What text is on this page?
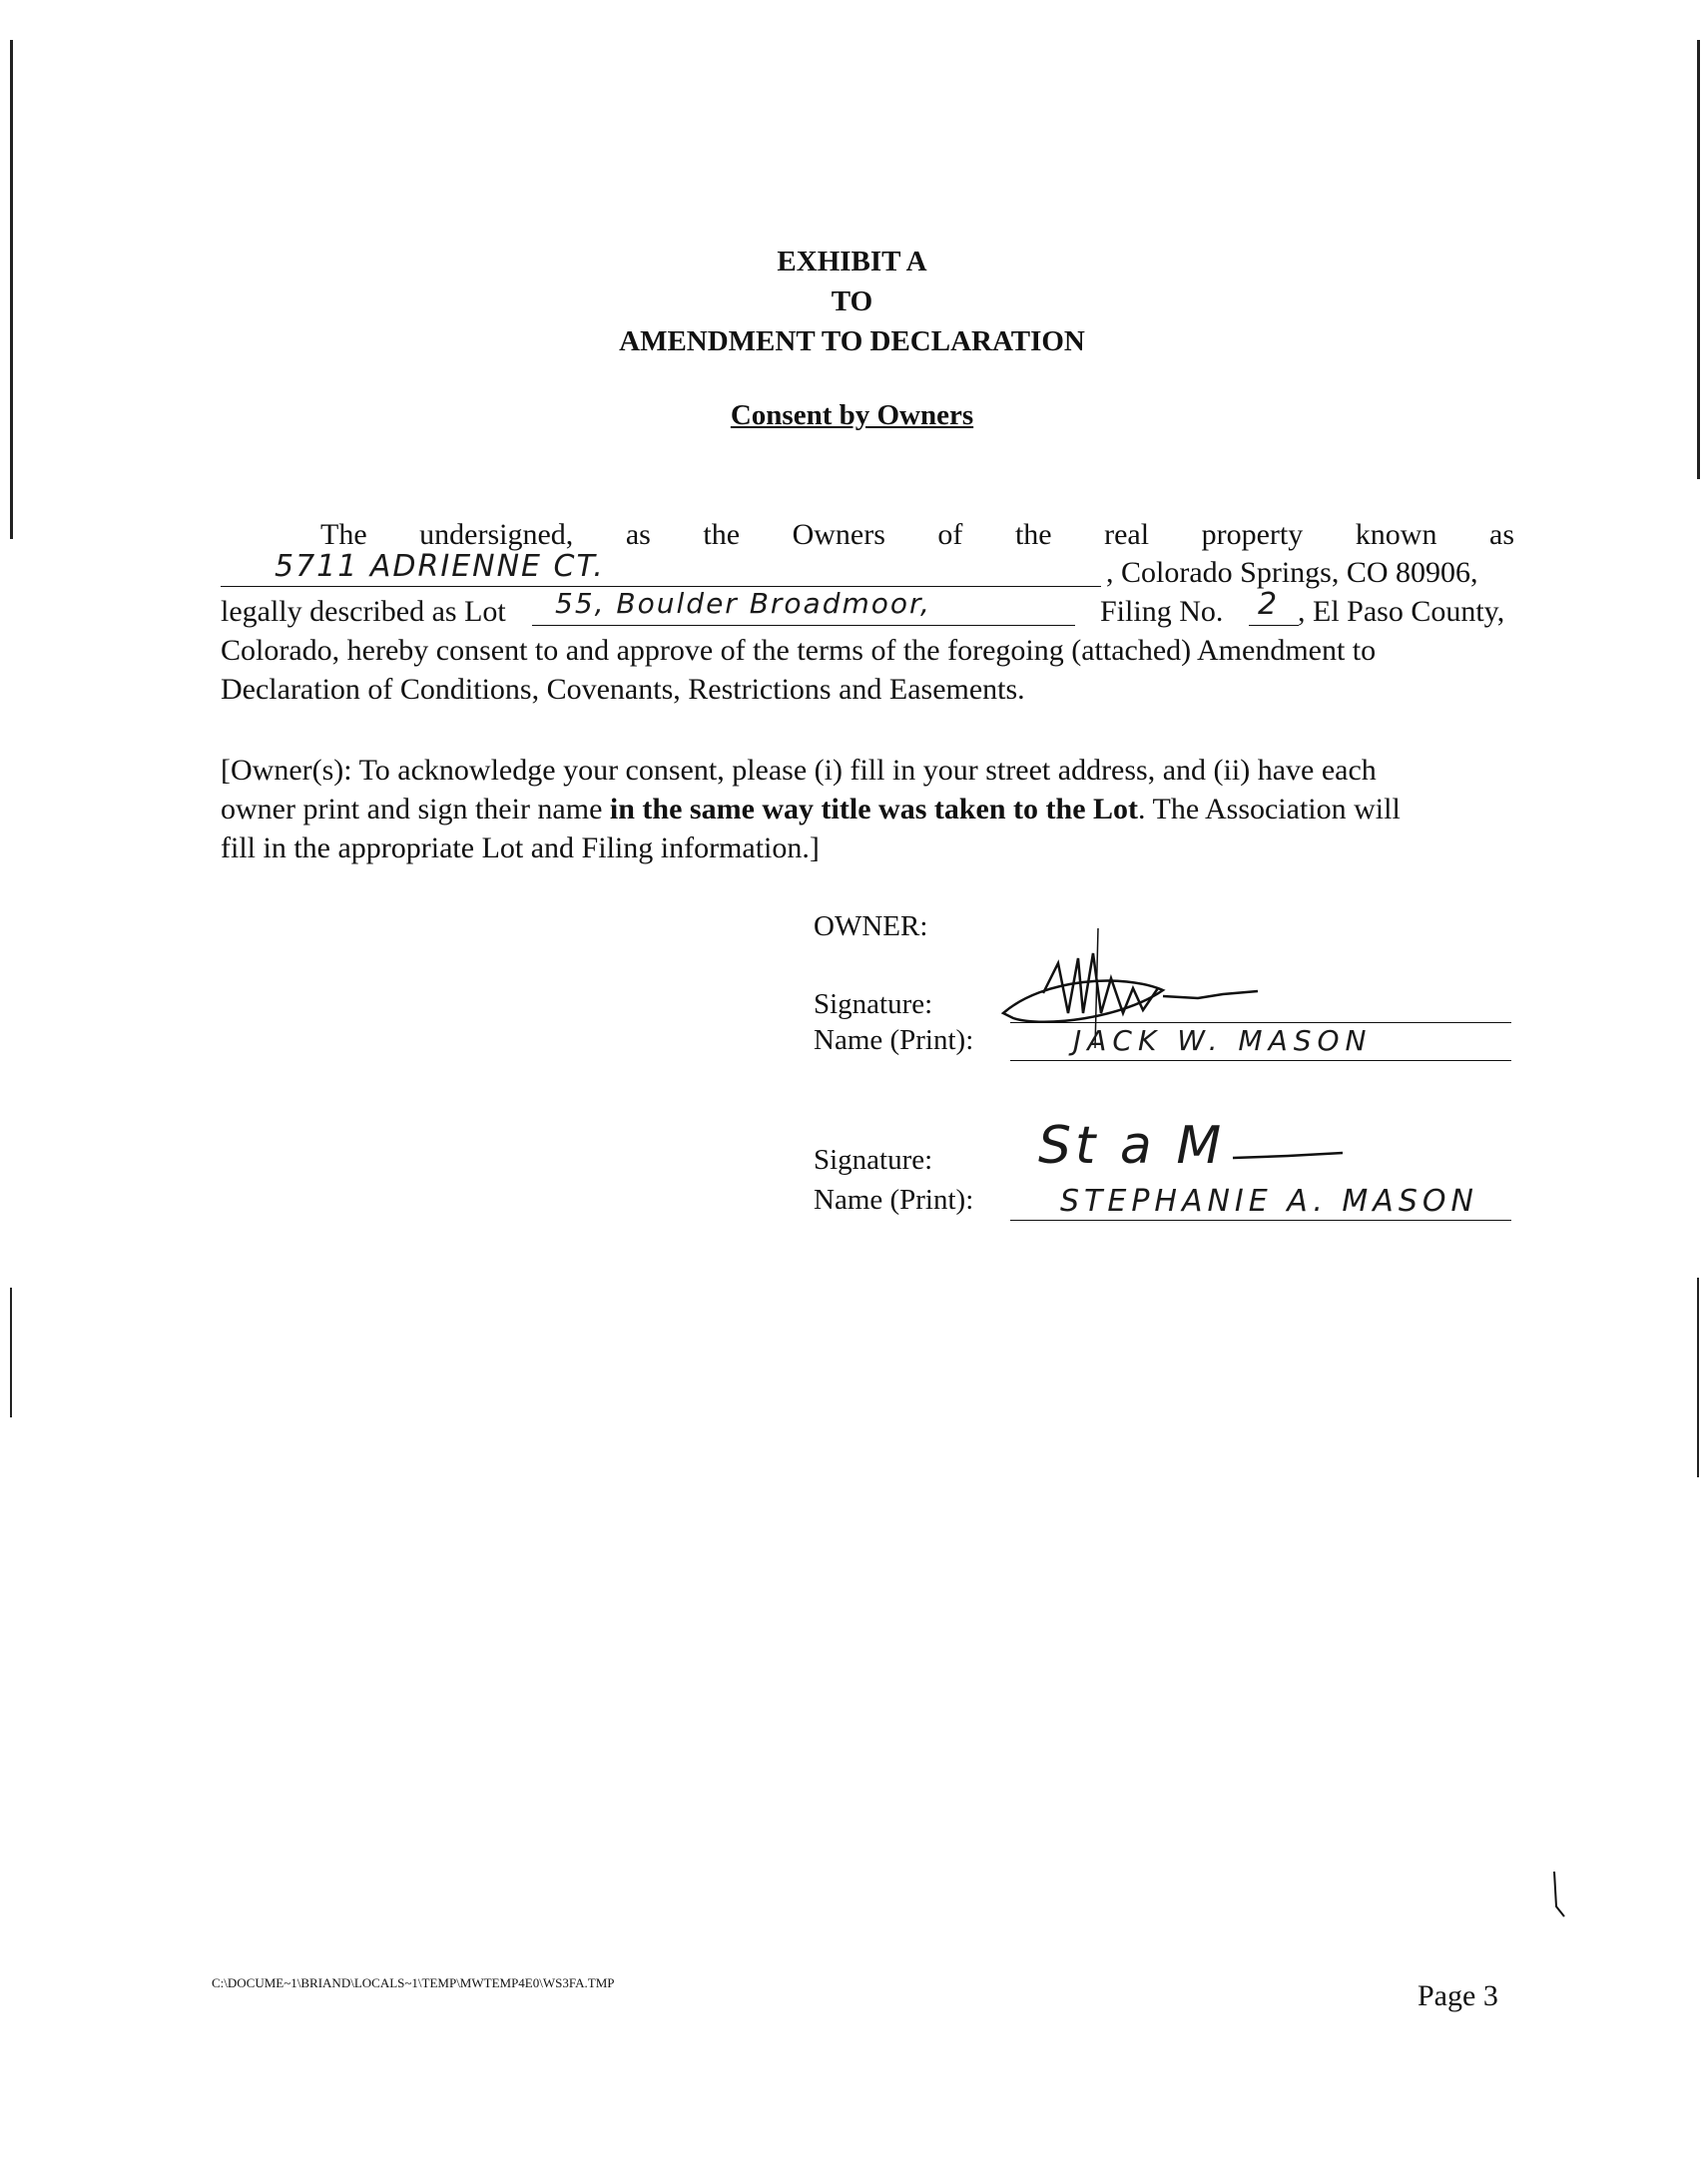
EXHIBIT A
TO
AMENDMENT TO DECLARATION
Consent by Owners
The undersigned, as the Owners of the real property known as
5711 ADRIENNE CT.	, Colorado Springs, CO 80906,
legally described as Lot	55, Boulder Broadmoor,	Filing No.	2 , El Paso County,
Colorado, hereby consent to and approve of the terms of the foregoing (attached) Amendment to
Declaration of Conditions, Covenants, Restrictions and Easements.
[Owner(s): To acknowledge your consent, please (i) fill in your street address, and (ii) have each
owner print and sign their name in the same way title was taken to the Lot. The Association will
fill in the appropriate Lot and Filing information.]
OWNER:
Signature:
Name (Print):	JACK W. MASON
Signature: St a M
Name (Print):	STEPHANIE A. MASON
C:\DOCUME~1\BRIAND\LOCALS~1\TEMP\MWTEMP4E0\WS3FA.TMP	Page 3
